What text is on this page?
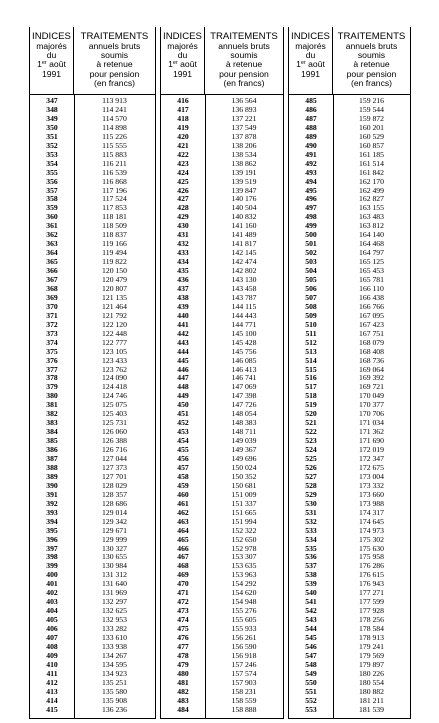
INDICES
majorés
du
1er août
1991
TRAITEMENTS
annuels bruts
soumis
à retenue
pour pension
(en francs)
347	113 913
348	114 241
349	114 570
350	114 898
351	115 226
352	115 555
353	115 883
354	116 211
355	116 539
356	116 868
357	117 196
358	117 524
359	117 853
360	118 181
361	118 509
362	118 837
363	119 166
364	119 494
365	119 822
366	120 150
367	120 479
368	120 807
369	121 135
370	121 464
371	121 792
372	122 120
373	122 448
374	122 777
375	123 105
376	123 433
377	123 762
378	124 090
379	124 418
380	124 746
381	125 075
382	125 403
383	125 731
384	126 060
385	126 388
386	126 716
387	127 044
388	127 373
389	127 701
390	128 029
391	128 357
392	128 686
393	129 014
394	129 342
395	129 671
396	129 999
397	130 327
398	130 655
399	130 984
400	131 312
401	131 640
402	131 969
403	132 297
404	132 625
405	132 953
406	133 282
407	133 610
408	133 938
409	134 267
410	134 595
411	134 923
412	135 251
413	135 580
414	135 908
415	136 236
INDICES
majorés
du
1er août
1991
TRAITEMENTS
annuels bruts
soumis
à retenue
pour pension
(en francs)
416	136 564
417	136 893
418	137 221
419	137 549
420	137 878
421	138 206
422	138 534
423	138 862
424	139 191
425	139 519
426	139 847
427	140 176
428	140 504
429	140 832
430	141 160
431	141 489
432	141 817
433	142 145
434	142 474
435	142 802
436	143 130
437	143 458
438	143 787
439	144 115
440	144 443
441	144 771
442	145 100
443	145 428
444	145 756
445	146 085
446	146 413
447	146 741
448	147 069
449	147 398
450	147 726
451	148 054
452	148 383
453	148 711
454	149 039
455	149 367
456	149 696
457	150 024
458	150 352
459	150 681
460	151 009
461	151 337
462	151 665
463	151 994
464	152 322
465	152 650
466	152 978
467	153 307
468	153 635
469	153 963
470	154 292
471	154 620
472	154 948
473	155 276
474	155 605
475	155 933
476	156 261
477	156 590
478	156 918
479	157 246
480	157 574
481	157 903
482	158 231
483	158 559
484	158 888
INDICES
majorés
du
1er août
1991
TRAITEMENTS
annuels bruts
soumis
à retenue
pour pension
(en francs)
485	159 216
486	159 544
487	159 872
488	160 201
489	160 529
490	160 857
491	161 185
492	161 514
493	161 842
494	162 170
495	162 499
496	162 827
497	163 155
498	163 483
499	163 812
500	164 140
501	164 468
502	164 797
503	165 125
504	165 453
505	165 781
506	166 110
507	166 438
508	166 766
509	167 095
510	167 423
511	167 751
512	168 079
513	168 408
514	168 736
515	169 064
516	169 392
517	169 721
518	170 049
519	170 377
520	170 706
521	171 034
522	171 362
523	171 690
524	172 019
525	172 347
526	172 675
527	173 004
528	173 332
529	173 660
530	173 988
531	174 317
532	174 645
533	174 973
534	175 302
535	175 630
536	175 958
537	176 286
538	176 615
539	176 943
540	177 271
541	177 599
542	177 928
543	178 256
544	178 584
545	178 913
546	179 241
547	179 569
548	179 897
549	180 226
550	180 554
551	180 882
552	181 211
553	181 539
